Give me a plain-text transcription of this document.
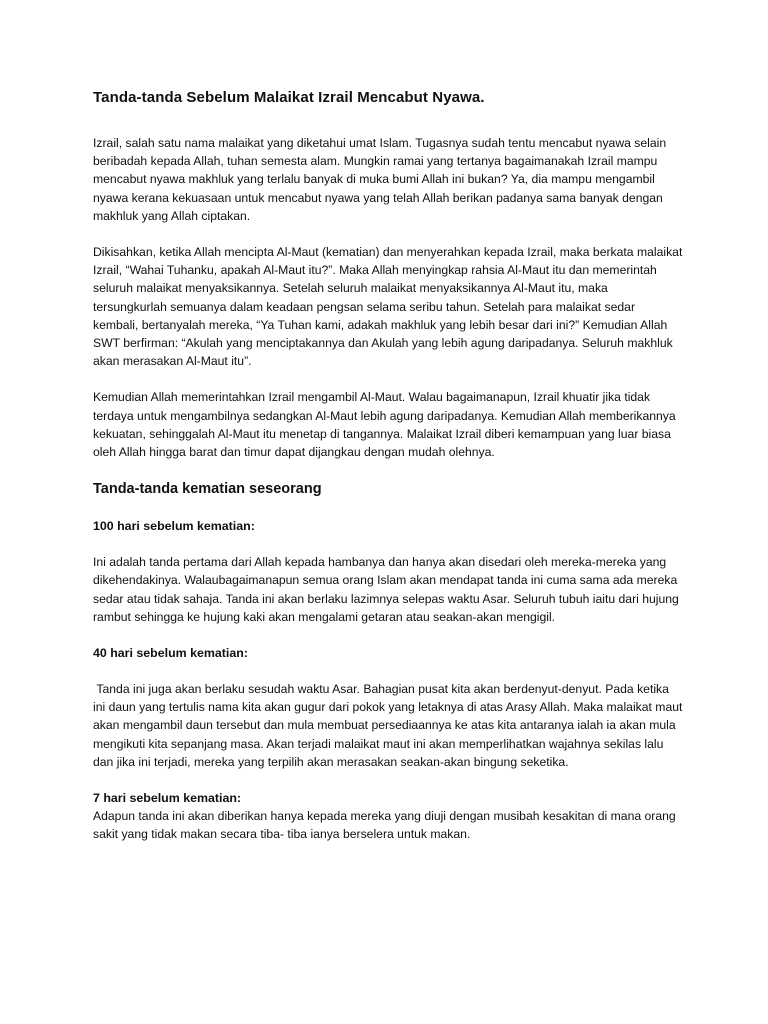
Tanda-tanda Sebelum Malaikat Izrail Mencabut Nyawa.

Izrail, salah satu nama malaikat yang diketahui umat Islam. Tugasnya sudah tentu mencabut nyawa selain beribadah kepada Allah, tuhan semesta alam. Mungkin ramai yang tertanya bagaimanakah Izrail mampu mencabut nyawa makhluk yang terlalu banyak di muka bumi Allah ini bukan? Ya, dia mampu mengambil nyawa kerana kekuasaan untuk mencabut nyawa yang telah Allah berikan padanya sama banyak dengan makhluk yang Allah ciptakan.

Dikisahkan, ketika Allah mencipta Al-Maut (kematian) dan menyerahkan kepada Izrail, maka berkata malaikat Izrail, “Wahai Tuhanku, apakah Al-Maut itu?”. Maka Allah menyingkap rahsia Al-Maut itu dan memerintah seluruh malaikat menyaksikannya. Setelah seluruh malaikat menyaksikannya Al-Maut itu, maka tersungkurlah semuanya dalam keadaan pengsan selama seribu tahun. Setelah para malaikat sedar kembali, bertanyalah mereka, “Ya Tuhan kami, adakah makhluk yang lebih besar dari ini?” Kemudian Allah SWT berfirman: “Akulah yang menciptakannya dan Akulah yang lebih agung daripadanya. Seluruh makhluk akan merasakan Al-Maut itu”.

Kemudian Allah memerintahkan Izrail mengambil Al-Maut. Walau bagaimanapun, Izrail khuatir jika tidak terdaya untuk mengambilnya sedangkan Al-Maut lebih agung daripadanya. Kemudian Allah memberikannya kekuatan, sehinggalah Al-Maut itu menetap di tangannya. Malaikat Izrail diberi kemampuan yang luar biasa oleh Allah hingga barat dan timur dapat dijangkau dengan mudah olehnya.

Tanda-tanda kematian seseorang
100 hari sebelum kematian:

Ini adalah tanda pertama dari Allah kepada hambanya dan hanya akan disedari oleh mereka-mereka yang dikehendakinya. Walaubagaimanapun semua orang Islam akan mendapat tanda ini cuma sama ada mereka sedar atau tidak sahaja. Tanda ini akan berlaku lazimnya selepas waktu Asar. Seluruh tubuh iaitu dari hujung rambut sehingga ke hujung kaki akan mengalami getaran atau seakan-akan mengigil.

40 hari sebelum kematian:

Tanda ini juga akan berlaku sesudah waktu Asar. Bahagian pusat kita akan berdenyut-denyut. Pada ketika ini daun yang tertulis nama kita akan gugur dari pokok yang letaknya di atas Arasy Allah. Maka malaikat maut akan mengambil daun tersebut dan mula membuat persediaannya ke atas kita antaranya ialah ia akan mula mengikuti kita sepanjang masa. Akan terjadi malaikat maut ini akan memperlihatkan wajahnya sekilas lalu dan jika ini terjadi, mereka yang terpilih akan merasakan seakan-akan bingung seketika.

7 hari sebelum kematian:

Adapun tanda ini akan diberikan hanya kepada mereka yang diuji dengan musibah kesakitan di mana orang sakit yang tidak makan secara tiba- tiba ianya berselera untuk makan.
